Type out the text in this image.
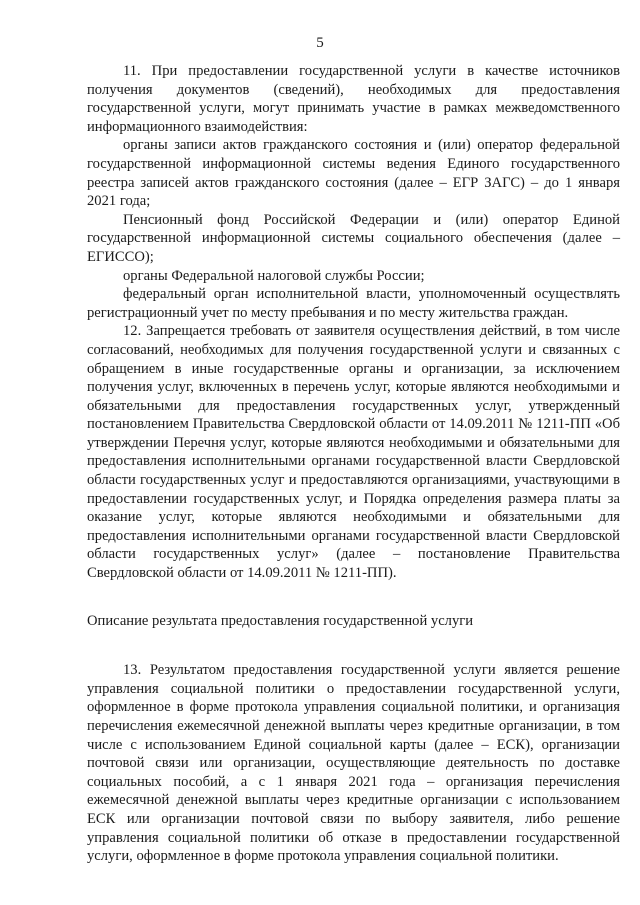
5

11. При предоставлении государственной услуги в качестве источников получения документов (сведений), необходимых для предоставления государственной услуги, могут принимать участие в рамках межведомственного информационного взаимодействия:

органы записи актов гражданского состояния и (или) оператор федеральной государственной информационной системы ведения Единого государственного реестра записей актов гражданского состояния (далее – ЕГР ЗАГС) – до 1 января 2021 года;

Пенсионный фонд Российской Федерации и (или) оператор Единой государственной информационной системы социального обеспечения (далее – ЕГИССО);

органы Федеральной налоговой службы России;

федеральный орган исполнительной власти, уполномоченный осуществлять регистрационный учет по месту пребывания и по месту жительства граждан.

12. Запрещается требовать от заявителя осуществления действий, в том числе согласований, необходимых для получения государственной услуги и связанных с обращением в иные государственные органы и организации, за исключением получения услуг, включенных в перечень услуг, которые являются необходимыми и обязательными для предоставления государственных услуг, утвержденный постановлением Правительства Свердловской области от 14.09.2011 № 1211-ПП «Об утверждении Перечня услуг, которые являются необходимыми и обязательными для предоставления исполнительными органами государственной власти Свердловской области государственных услуг и предоставляются организациями, участвующими в предоставлении государственных услуг, и Порядка определения размера платы за оказание услуг, которые являются необходимыми и обязательными для предоставления исполнительными органами государственной власти Свердловской области государственных услуг» (далее – постановление Правительства Свердловской области от 14.09.2011 № 1211-ПП).

Описание результата предоставления государственной услуги

13. Результатом предоставления государственной услуги является решение управления социальной политики о предоставлении государственной услуги, оформленное в форме протокола управления социальной политики, и организация перечисления ежемесячной денежной выплаты через кредитные организации, в том числе с использованием Единой социальной карты (далее – ЕСК), организации почтовой связи или организации, осуществляющие деятельность по доставке социальных пособий, а с 1 января 2021 года – организация перечисления ежемесячной денежной выплаты через кредитные организации с использованием ЕСК или организации почтовой связи по выбору заявителя, либо решение управления социальной политики об отказе в предоставлении государственной услуги, оформленное в форме протокола управления социальной политики.
